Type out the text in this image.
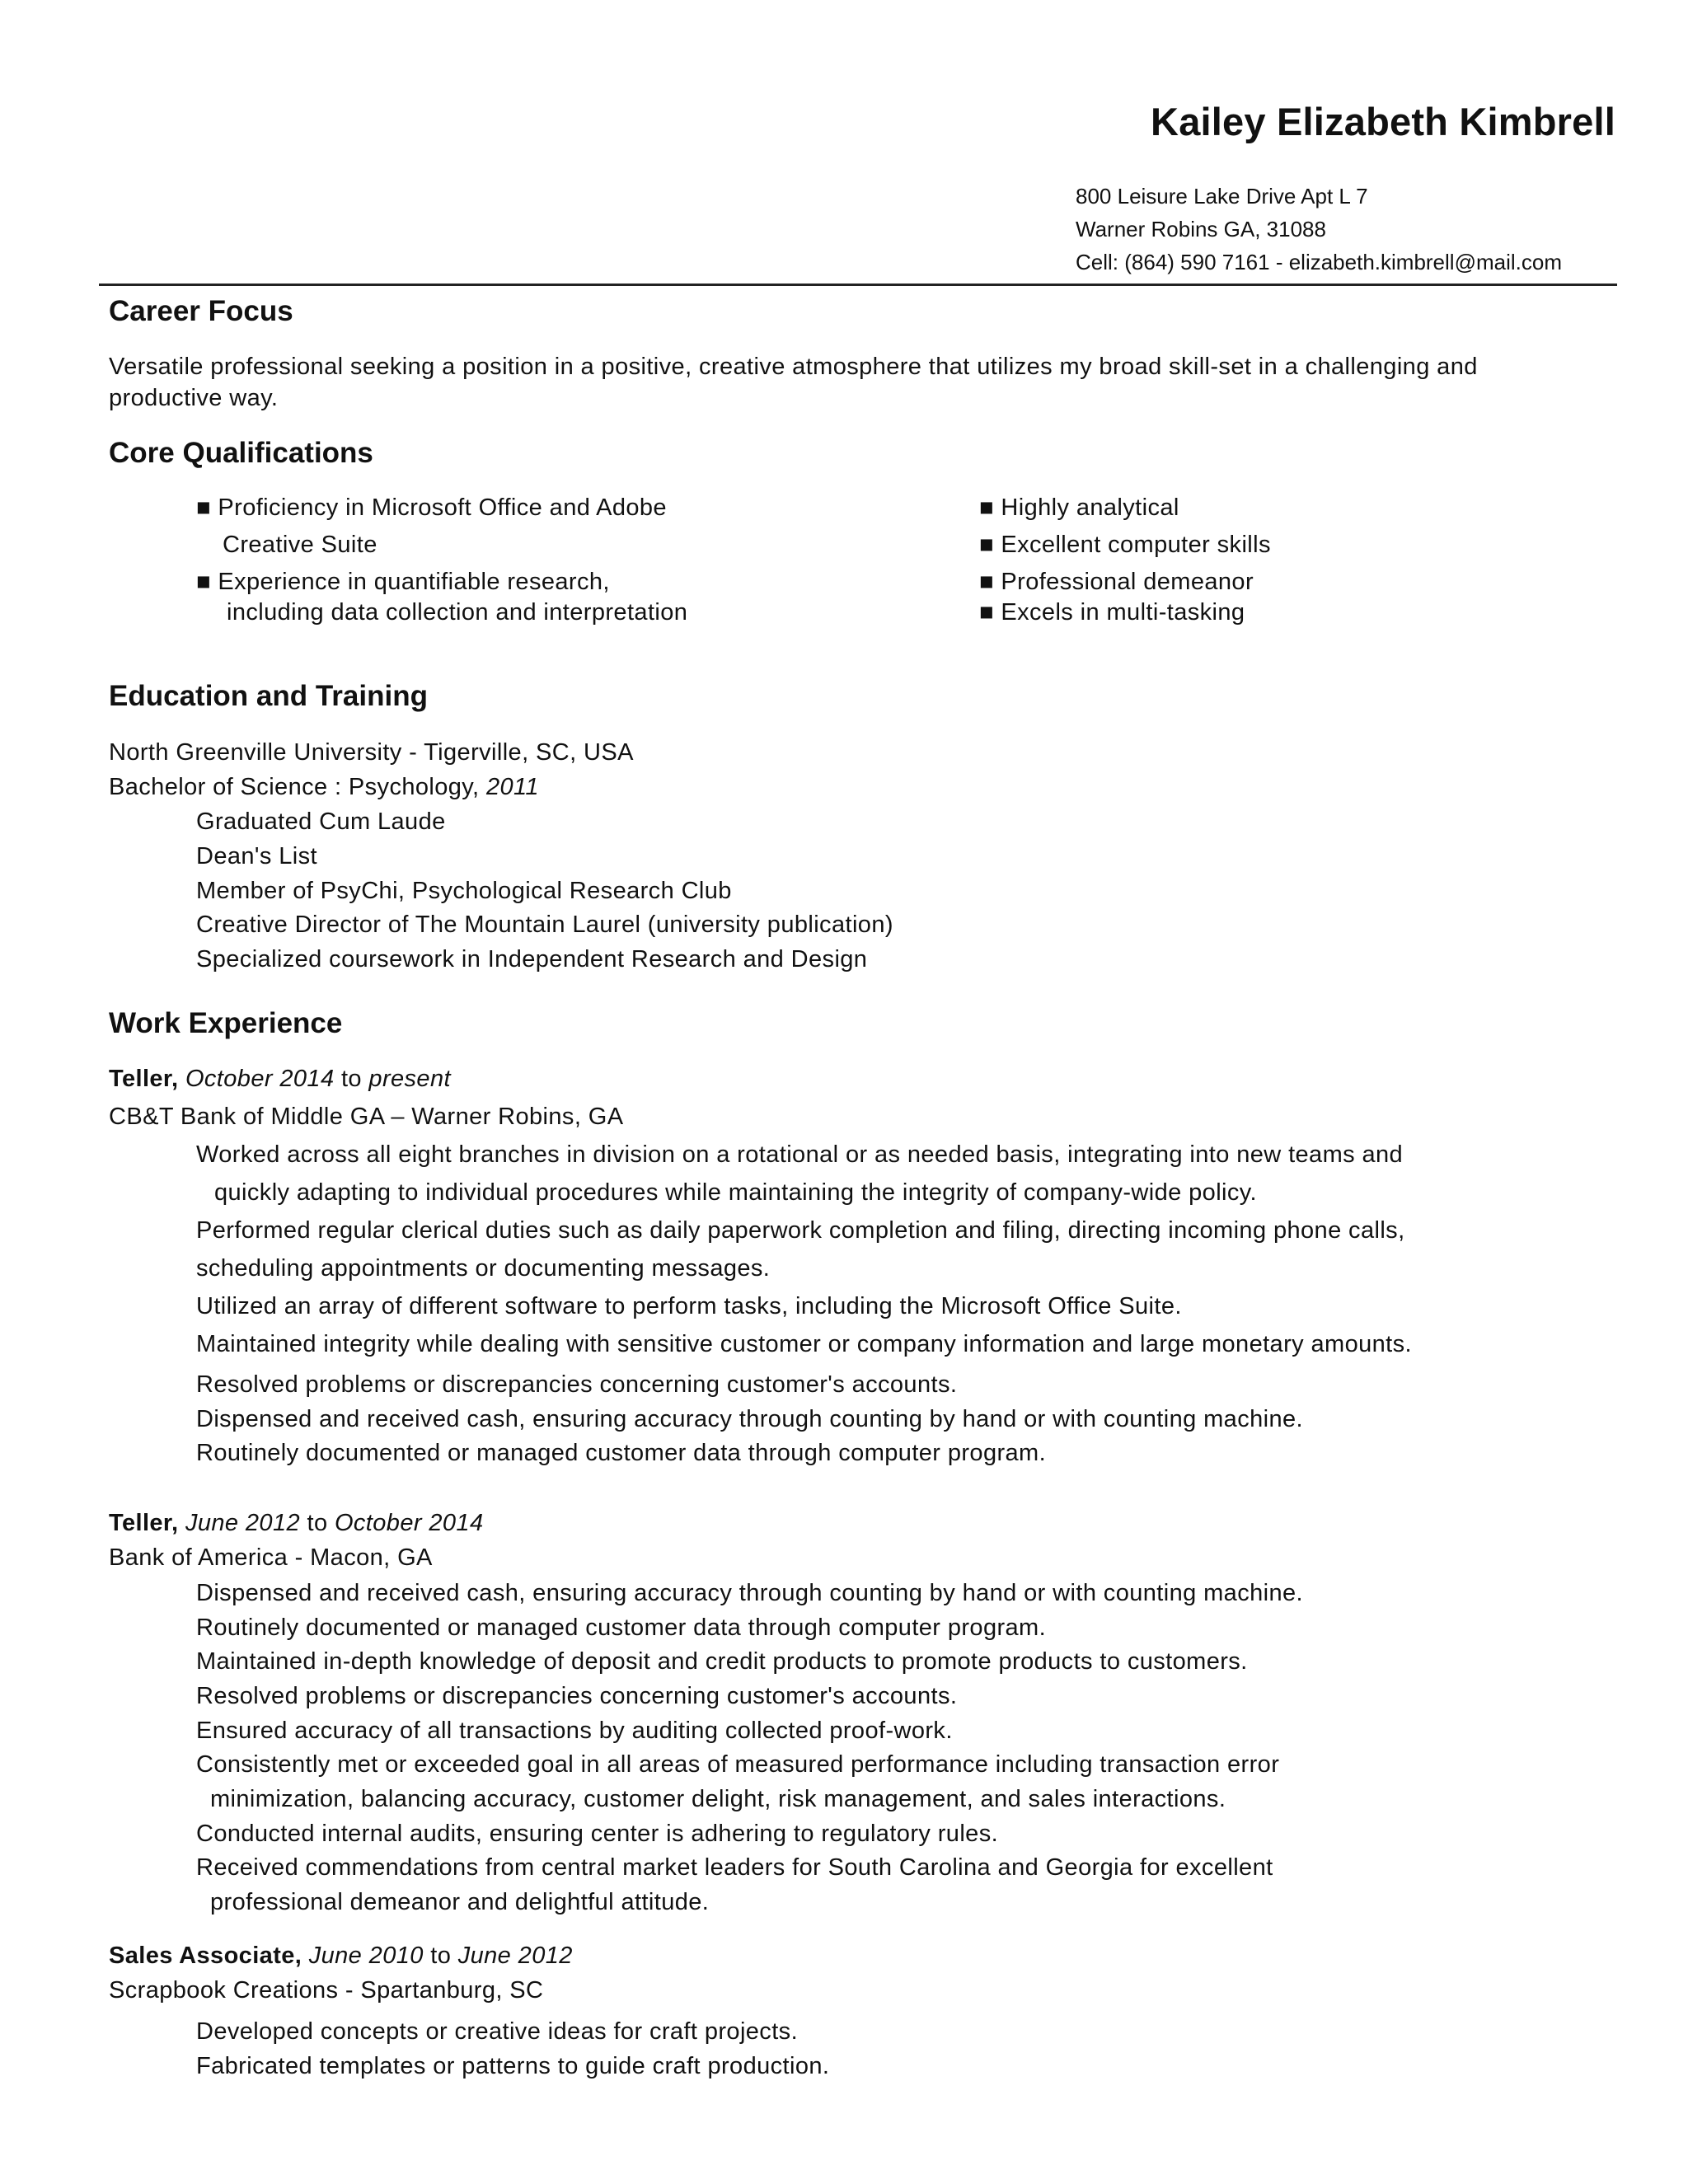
Kailey Elizabeth Kimbrell
800 Leisure Lake Drive Apt L 7
Warner Robins GA, 31088
Cell: (864) 590 7161 - elizabeth.kimbrell@mail.com
Career Focus
Versatile professional seeking a position in a positive, creative atmosphere that utilizes my broad skill-set in a challenging and
productive way.
Core Qualifications
■ Proficiency in Microsoft Office and Adobe
Creative Suite
■ Experience in quantifiable research,
including data collection and interpretation
■ Highly analytical
■ Excellent computer skills
■ Professional demeanor
■ Excels in multi-tasking
Education and Training
North Greenville University - Tigerville, SC, USA
Bachelor of Science : Psychology, 2011
Graduated Cum Laude
Dean's List
Member of PsyChi, Psychological Research Club
Creative Director of The Mountain Laurel (university publication)
Specialized coursework in Independent Research and Design
Work Experience
Teller, October 2014 to present
CB&T Bank of Middle GA – Warner Robins, GA
Worked across all eight branches in division on a rotational or as needed basis, integrating into new teams and
quickly adapting to individual procedures while maintaining the integrity of company-wide policy.
Performed regular clerical duties such as daily paperwork completion and filing, directing incoming phone calls,
scheduling appointments or documenting messages.
Utilized an array of different software to perform tasks, including the Microsoft Office Suite.
Maintained integrity while dealing with sensitive customer or company information and large monetary amounts.
Resolved problems or discrepancies concerning customer's accounts.
Dispensed and received cash, ensuring accuracy through counting by hand or with counting machine.
Routinely documented or managed customer data through computer program.
Teller, June 2012 to October 2014
Bank of America - Macon, GA
Dispensed and received cash, ensuring accuracy through counting by hand or with counting machine.
Routinely documented or managed customer data through computer program.
Maintained in-depth knowledge of deposit and credit products to promote products to customers.
Resolved problems or discrepancies concerning customer's accounts.
Ensured accuracy of all transactions by auditing collected proof-work.
Consistently met or exceeded goal in all areas of measured performance including transaction error
minimization, balancing accuracy, customer delight, risk management, and sales interactions.
Conducted internal audits, ensuring center is adhering to regulatory rules.
Received commendations from central market leaders for South Carolina and Georgia for excellent
professional demeanor and delightful attitude.
Sales Associate, June 2010 to June 2012
Scrapbook Creations - Spartanburg, SC
Developed concepts or creative ideas for craft projects.
Fabricated templates or patterns to guide craft production.
